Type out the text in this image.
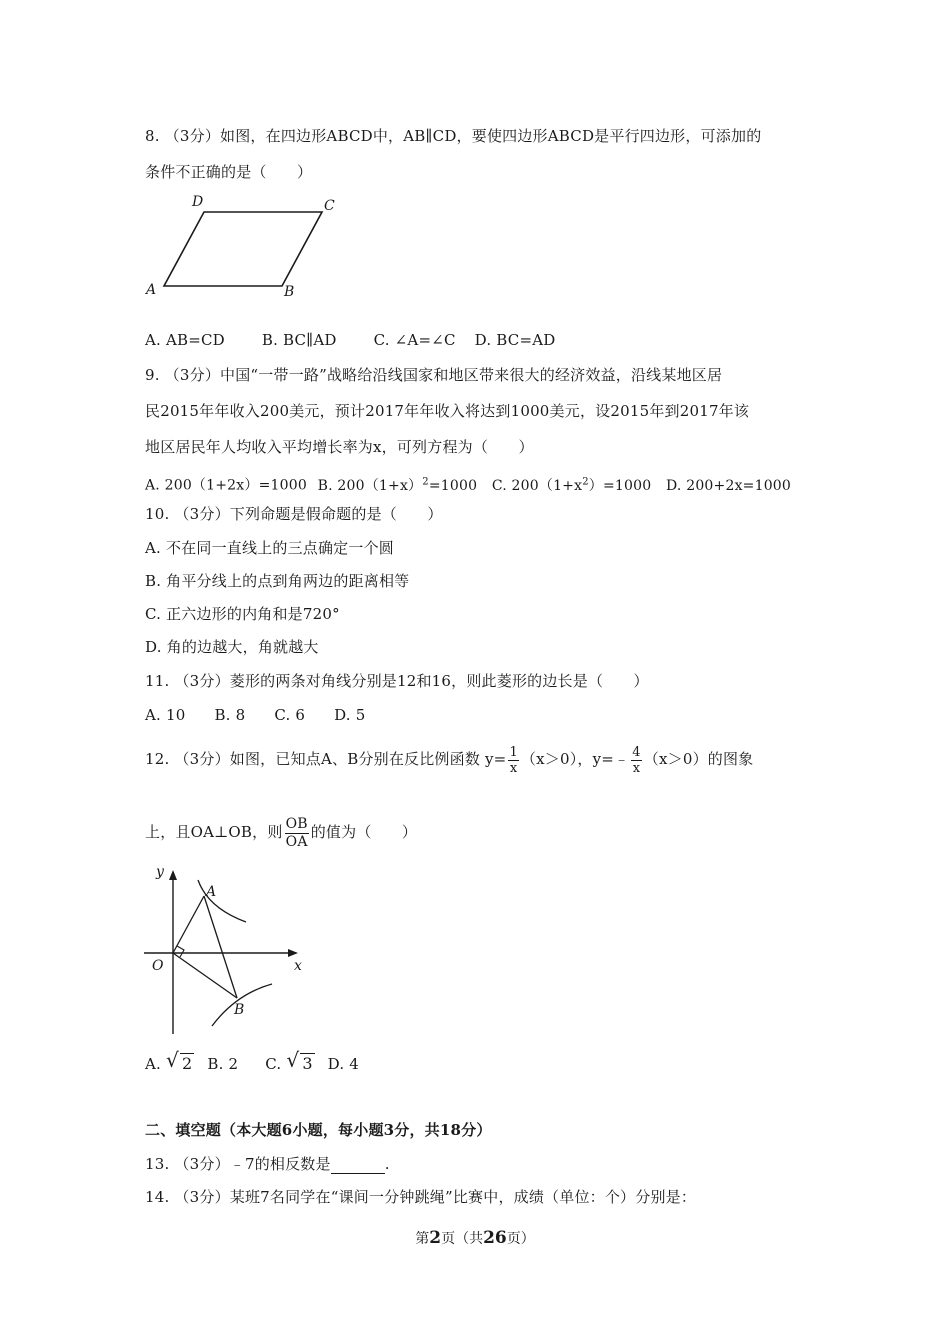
8. （3分）如图，在四边形ABCD中，AB∥CD，要使四边形ABCD是平行四边形，可添加的
条件不正确的是（　　）
A	B
C
D
A. AB=CD B. BC∥AD C. ∠A=∠C D. BC=AD
9. （3分）中国“一带一路”战略给沿线国家和地区带来很大的经济效益，沿线某地区居
民2015年年收入200美元，预计2017年年收入将达到1000美元，设2015年到2017年该
地区居民年人均收入平均增长率为x，可列方程为（　　）
A. 200（1+2x）=1000 B. $200(1+x)^2=1000$ C. $200(1+x^2)=1000$ D. 200+2x=1000
10. （3分）下列命题是假命题的是（　　）
A. 不在同一直线上的三点确定一个圆
B. 角平分线上的点到角两边的距离相等
C. 正六边形的内角和是720°
D. 角的边越大，角就越大
11. （3分）菱形的两条对角线分别是12和16，则此菱形的边长是（　　）
A. 10 B. 8 C. 6 D. 5
12. （3分）如图，已知点A、B分别在反比例函数 $y= \frac{1}{x} (x>0)$，y=﹣ $\frac{4}{x} (x>0)$的图象
上，且OA⊥OB，则 $\frac{OB}{OA}$ 的值为（　　）
y
x
O
A
B
A. √ 2 B. 2 C. √ 3 D. 4
二、填空题（本大题6小题，每小题3分，共18分）
13. （3分）﹣7的相反数是	.
14. （3分）某班7名同学在“课间一分钟跳绳”比赛中，成绩（单位：个）分别是：
第2页（共26页）
